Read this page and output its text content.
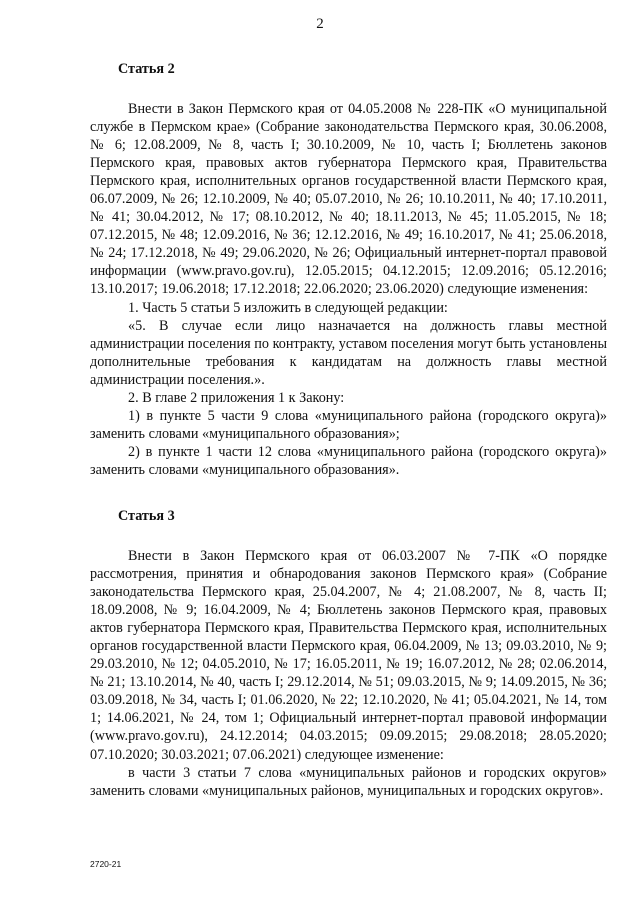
2
Статья 2

Внести в Закон Пермского края от 04.05.2008 № 228-ПК «О муниципальной службе в Пермском крае» (Собрание законодательства Пермского края, 30.06.2008, № 6; 12.08.2009, № 8, часть I; 30.10.2009, № 10, часть I; Бюллетень законов Пермского края, правовых актов губернатора Пермского края, Правительства Пермского края, исполнительных органов государственной власти Пермского края, 06.07.2009, № 26; 12.10.2009, № 40; 05.07.2010, № 26; 10.10.2011, № 40; 17.10.2011, № 41; 30.04.2012, № 17; 08.10.2012, № 40; 18.11.2013, № 45; 11.05.2015, № 18; 07.12.2015, № 48; 12.09.2016, № 36; 12.12.2016, № 49; 16.10.2017, № 41; 25.06.2018, № 24; 17.12.2018, № 49; 29.06.2020, № 26; Официальный интернет-портал правовой информации (www.pravo.gov.ru), 12.05.2015; 04.12.2015; 12.09.2016; 05.12.2016; 13.10.2017; 19.06.2018; 17.12.2018; 22.06.2020; 23.06.2020) следующие изменения:

1. Часть 5 статьи 5 изложить в следующей редакции:

«5. В случае если лицо назначается на должность главы местной администрации поселения по контракту, уставом поселения могут быть установлены дополнительные требования к кандидатам на должность главы местной администрации поселения.».

2. В главе 2 приложения 1 к Закону:

1) в пункте 5 части 9 слова «муниципального района (городского округа)» заменить словами «муниципального образования»;

2) в пункте 1 части 12 слова «муниципального района (городского округа)» заменить словами «муниципального образования».

Статья 3

Внести в Закон Пермского края от 06.03.2007 № 7-ПК «О порядке рассмотрения, принятия и обнародования законов Пермского края» (Собрание законодательства Пермского края, 25.04.2007, № 4; 21.08.2007, № 8, часть II; 18.09.2008, № 9; 16.04.2009, № 4; Бюллетень законов Пермского края, правовых актов губернатора Пермского края, Правительства Пермского края, исполнительных органов государственной власти Пермского края, 06.04.2009, № 13; 09.03.2010, № 9; 29.03.2010, № 12; 04.05.2010, № 17; 16.05.2011, № 19; 16.07.2012, № 28; 02.06.2014, № 21; 13.10.2014, № 40, часть I; 29.12.2014, № 51; 09.03.2015, № 9; 14.09.2015, № 36; 03.09.2018, № 34, часть I; 01.06.2020, № 22; 12.10.2020, № 41; 05.04.2021, № 14, том 1; 14.06.2021, № 24, том 1; Официальный интернет-портал правовой информации (www.pravo.gov.ru), 24.12.2014; 04.03.2015; 09.09.2015; 29.08.2018; 28.05.2020; 07.10.2020; 30.03.2021; 07.06.2021) следующее изменение:

в части 3 статьи 7 слова «муниципальных районов и городских округов» заменить словами «муниципальных районов, муниципальных и городских округов».

2720-21
